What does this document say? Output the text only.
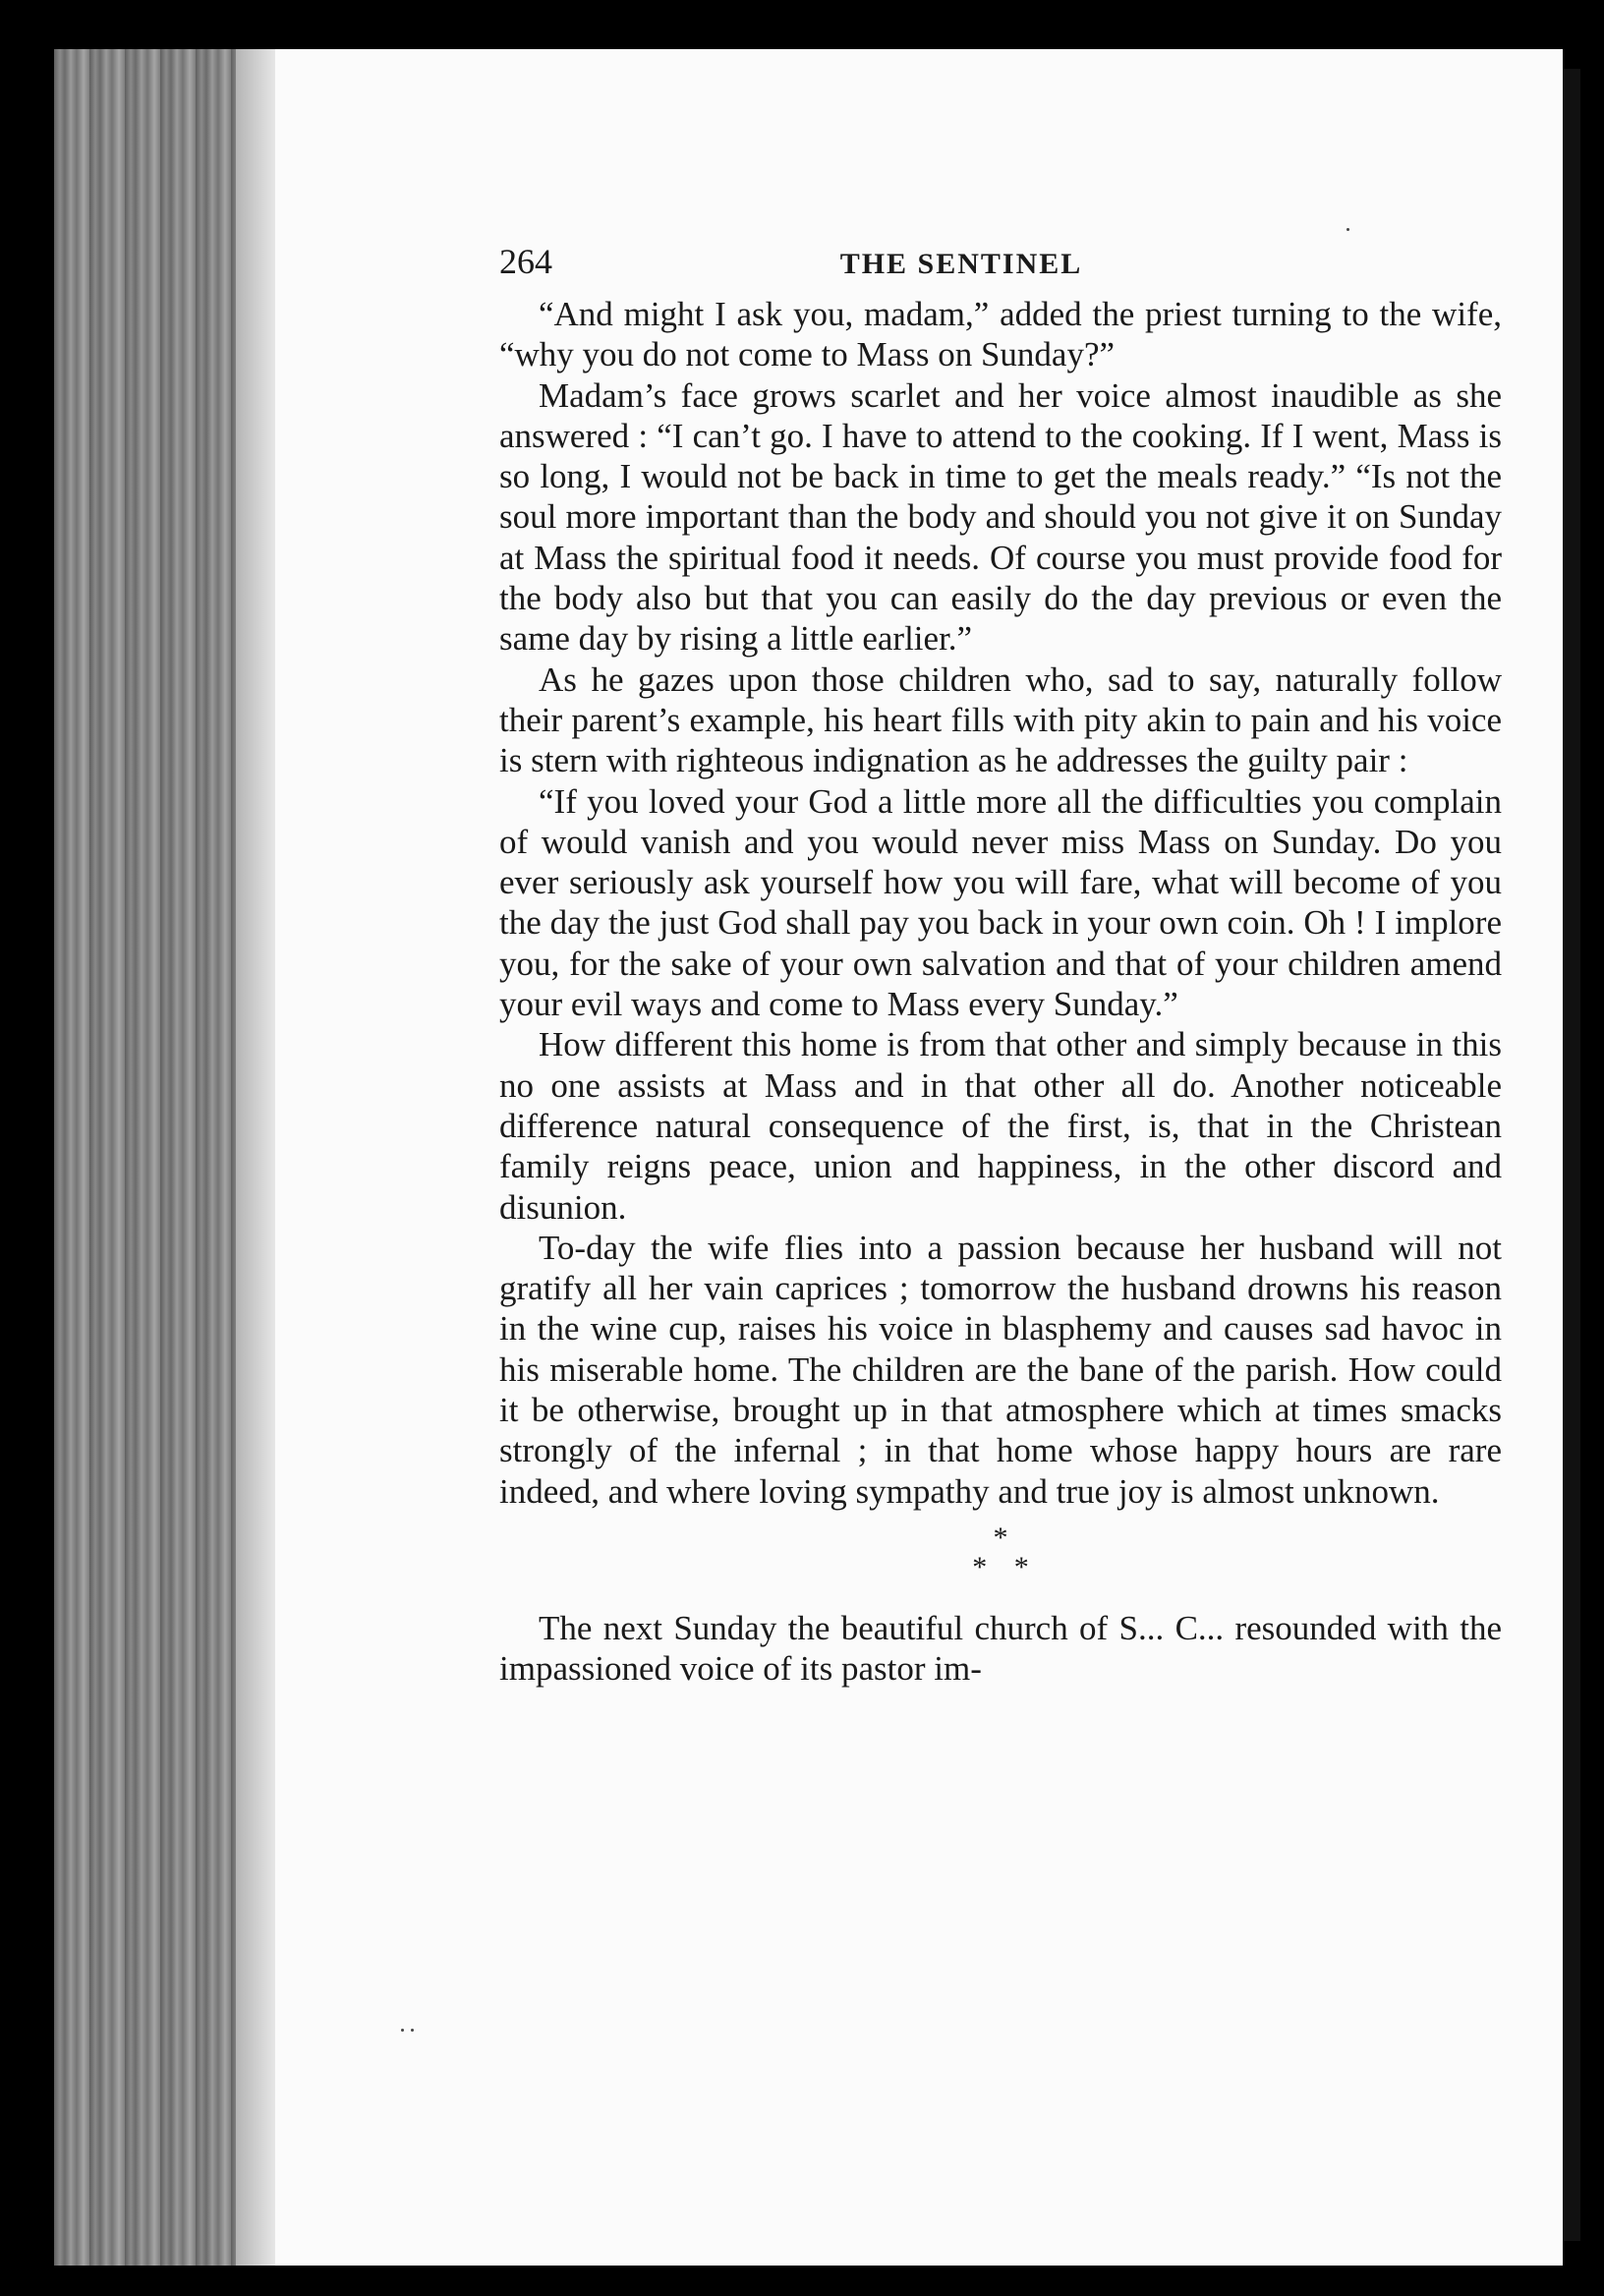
264	THE SENTINEL

“And might I ask you, madam,” added the priest turning to the wife, “why you do not come to Mass on Sunday?”

Madam’s face grows scarlet and her voice almost inaudible as she answered : “I can’t go. I have to attend to the cooking. If I went, Mass is so long, I would not be back in time to get the meals ready.” “Is not the soul more important than the body and should you not give it on Sunday at Mass the spiritual food it needs. Of course you must provide food for the body also but that you can easily do the day previous or even the same day by rising a little earlier.”

As he gazes upon those children who, sad to say, naturally follow their parent’s example, his heart fills with pity akin to pain and his voice is stern with righteous indignation as he addresses the guilty pair :

“If you loved your God a little more all the difficulties you complain of would vanish and you would never miss Mass on Sunday. Do you ever seriously ask yourself how you will fare, what will become of you the day the just God shall pay you back in your own coin. Oh ! I implore you, for the sake of your own salvation and that of your children amend your evil ways and come to Mass every Sunday.”

How different this home is from that other and simply because in this no one assists at Mass and in that other all do. Another noticeable difference natural consequence of the first, is, that in the Christean family reigns peace, union and happiness, in the other discord and disunion.

To-day the wife flies into a passion because her husband will not gratify all her vain caprices ; tomorrow the husband drowns his reason in the wine cup, raises his voice in blasphemy and causes sad havoc in his miserable home. The children are the bane of the parish. How could it be otherwise, brought up in that atmosphere which at times smacks strongly of the infernal ; in that home whose happy hours are rare indeed, and where loving sympathy and true joy is almost unknown.

*
* *

The next Sunday the beautiful church of S... C... resounded with the impassioned voice of its pastor im-
